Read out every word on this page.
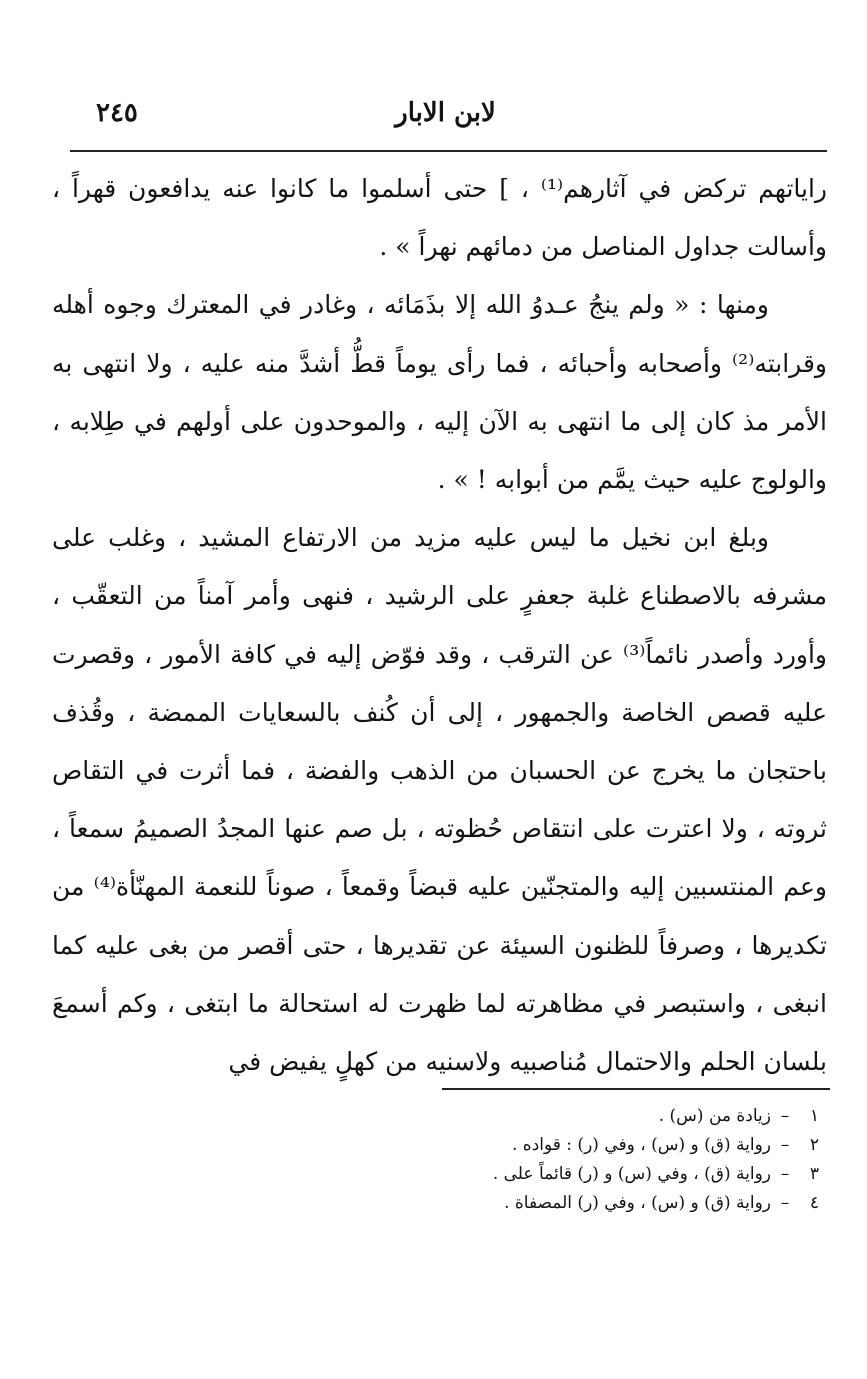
لابن الابار
٢٤٥

راياتهم تركض في آثارهم⁽¹⁾ ، ] حتى أسلموا ما كانوا عنه يدافعون قهراً ، وأسالت جداول المناصل من دمائهم نهراً » .

ومنها : « ولم ينجُ عـدوُ الله إلا بذَمَائه ، وغادر في المعترك وجوه أهله وقرابته⁽²⁾ وأصحابه وأحبائه ، فما رأى يوماً قطُّ أشدَّ منه عليه ، ولا انتهى به الأمر مذ كان إلى ما انتهى به الآن إليه ، والموحدون على أولهم في طِلابه ، والولوج عليه حيث يمَّم من أبوابه ! » .

وبلغ ابن نخيل ما ليس عليه مزيد من الارتفاع المشيد ، وغلب على مشرفه بالاصطناع غلبة جعفرٍ على الرشيد ، فنهى وأمر آمناً من التعقّب ، وأورد وأصدر نائماً⁽³⁾ عن الترقب ، وقد فوّض إليه في كافة الأمور ، وقصرت عليه قصص الخاصة والجمهور ، إلى أن كُنف بالسعايات الممضة ، وقُذف باحتجان ما يخرج عن الحسبان من الذهب والفضة ، فما أثرت في التقاص ثروته ، ولا اعترت على انتقاص حُظوته ، بل صم عنها المجدُ الصميمُ سمعاً ، وعم المنتسبين إليه والمتجنّين عليه قبضاً وقمعاً ، صوناً للنعمة المهنّأة⁽⁴⁾ من تكديرها ، وصرفاً للظنون السيئة عن تقديرها ، حتى أقصر من بغى عليه كما انبغى ، واستبصر في مظاهرته لما ظهرت له استحالة ما ابتغى ، وكم أسمعَ بلسان الحلم والاحتمال مُناصبيه ولاسنيه من كهلٍ يفيض في

١
–
زيادة من (س) .
٢
–
رواية (ق) و (س) ، وفي (ر) : قواده .
٣
–
رواية (ق) ، وفي (س) و (ر) قائماً على .
٤
–
رواية (ق) و (س) ، وفي (ر) المصفاة .
